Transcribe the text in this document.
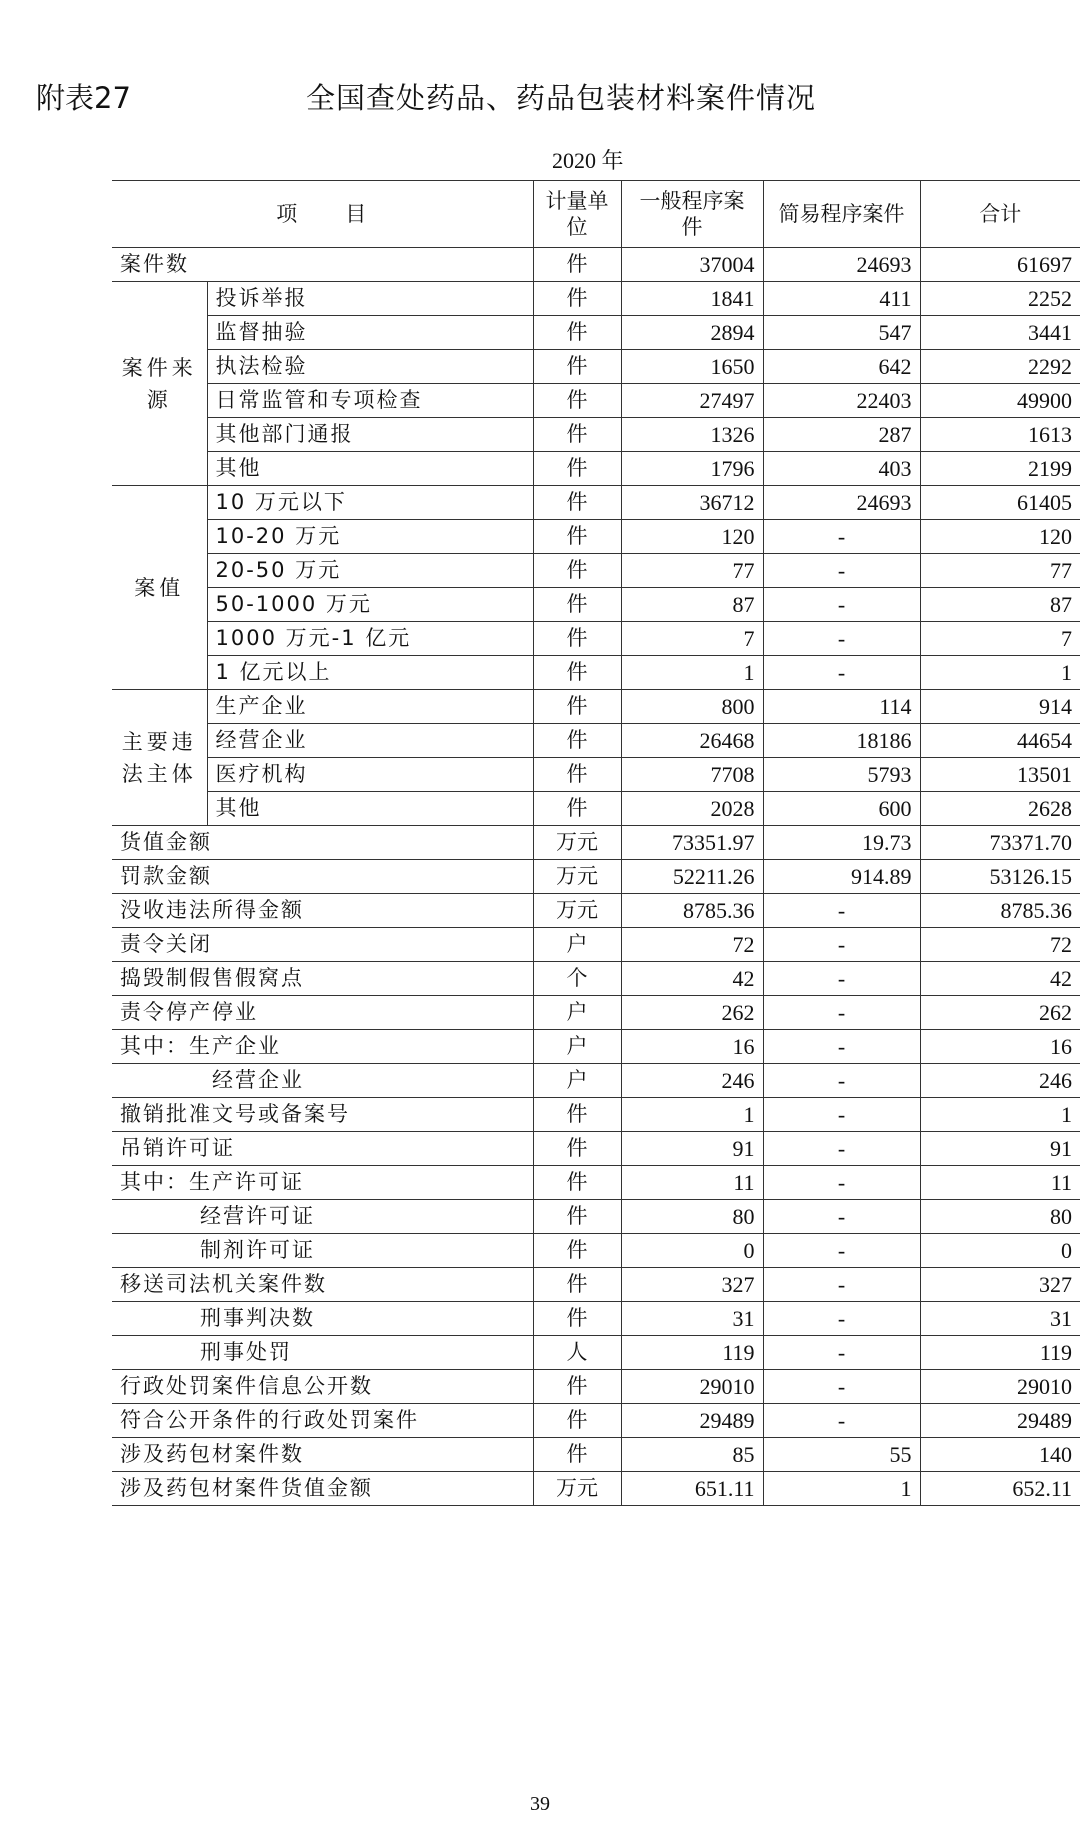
附表27	全国查处药品、药品包装材料案件情况
2020 年
项　　目		计量单位	一般程序案件	简易程序案件	合计
案件数		件	37004	24693	61697
案件来源	投诉举报	件	1841	411	2252
	监督抽验	件	2894	547	3441
	执法检验	件	1650	642	2292
	日常监管和专项检查	件	27497	22403	49900
	其他部门通报	件	1326	287	1613
	其他	件	1796	403	2199
案值	10 万元以下	件	36712	24693	61405
	10-20 万元	件	120	-	120
	20-50 万元	件	77	-	77
	50-1000 万元	件	87	-	87
	1000 万元-1 亿元	件	7	-	7
	1 亿元以上	件	1	-	1
主要违法主体	生产企业	件	800	114	914
	经营企业	件	26468	18186	44654
	医疗机构	件	7708	5793	13501
	其他	件	2028	600	2628
货值金额		万元	73351.97	19.73	73371.70
罚款金额		万元	52211.26	914.89	53126.15
没收违法所得金额		万元	8785.36	-	8785.36
责令关闭		户	72	-	72
捣毁制假售假窝点		个	42	-	42
责令停产停业		户	262	-	262
其中：生产企业		户	16	-	16
经营企业		户	246	-	246
撤销批准文号或备案号		件	1	-	1
吊销许可证		件	91	-	91
其中：生产许可证		件	11	-	11
经营许可证		件	80	-	80
制剂许可证		件	0	-	0
移送司法机关案件数		件	327	-	327
刑事判决数		件	31	-	31
刑事处罚		人	119	-	119
行政处罚案件信息公开数		件	29010	-	29010
符合公开条件的行政处罚案件		件	29489	-	29489
涉及药包材案件数		件	85	55	140
涉及药包材案件货值金额		万元	651.11	1	652.11
39
